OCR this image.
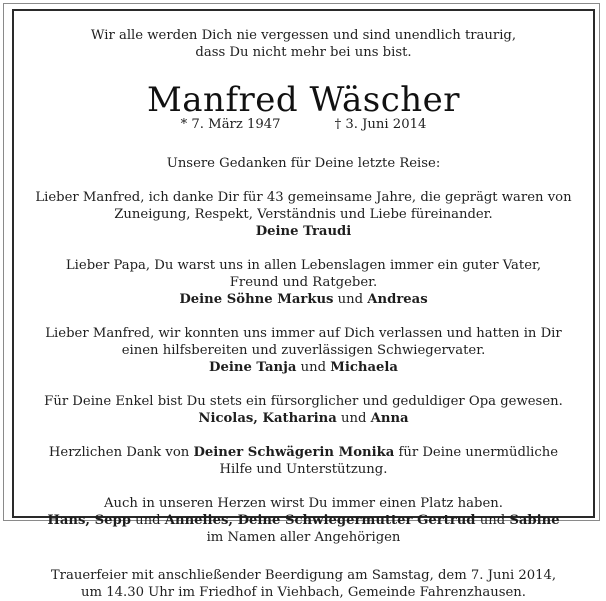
Wir alle werden Dich nie vergessen und sind unendlich traurig,
dass Du nicht mehr bei uns bist.
Manfred Wäscher
* 7. März 1947	† 3. Juni 2014
Unsere Gedanken für Deine letzte Reise:
Lieber Manfred, ich danke Dir für 43 gemeinsame Jahre, die geprägt waren von
Zuneigung, Respekt, Verständnis und Liebe füreinander.
Deine Traudi
Lieber Papa, Du warst uns in allen Lebenslagen immer ein guter Vater,
Freund und Ratgeber.
Deine Söhne Markus und Andreas
Lieber Manfred, wir konnten uns immer auf Dich verlassen und hatten in Dir
einen hilfsbereiten und zuverlässigen Schwiegervater.
Deine Tanja und Michaela
Für Deine Enkel bist Du stets ein fürsorglicher und geduldiger Opa gewesen.
Nicolas, Katharina und Anna
Herzlichen Dank von Deiner Schwägerin Monika für Deine unermüdliche
Hilfe und Unterstützung.
Auch in unseren Herzen wirst Du immer einen Platz haben.
Hans, Sepp und Annelies, Deine Schwiegermutter Gertrud und Sabine
im Namen aller Angehörigen
Trauerfeier mit anschließender Beerdigung am Samstag, dem 7. Juni 2014,
um 14.30 Uhr im Friedhof in Viehbach, Gemeinde Fahrenzhausen.
